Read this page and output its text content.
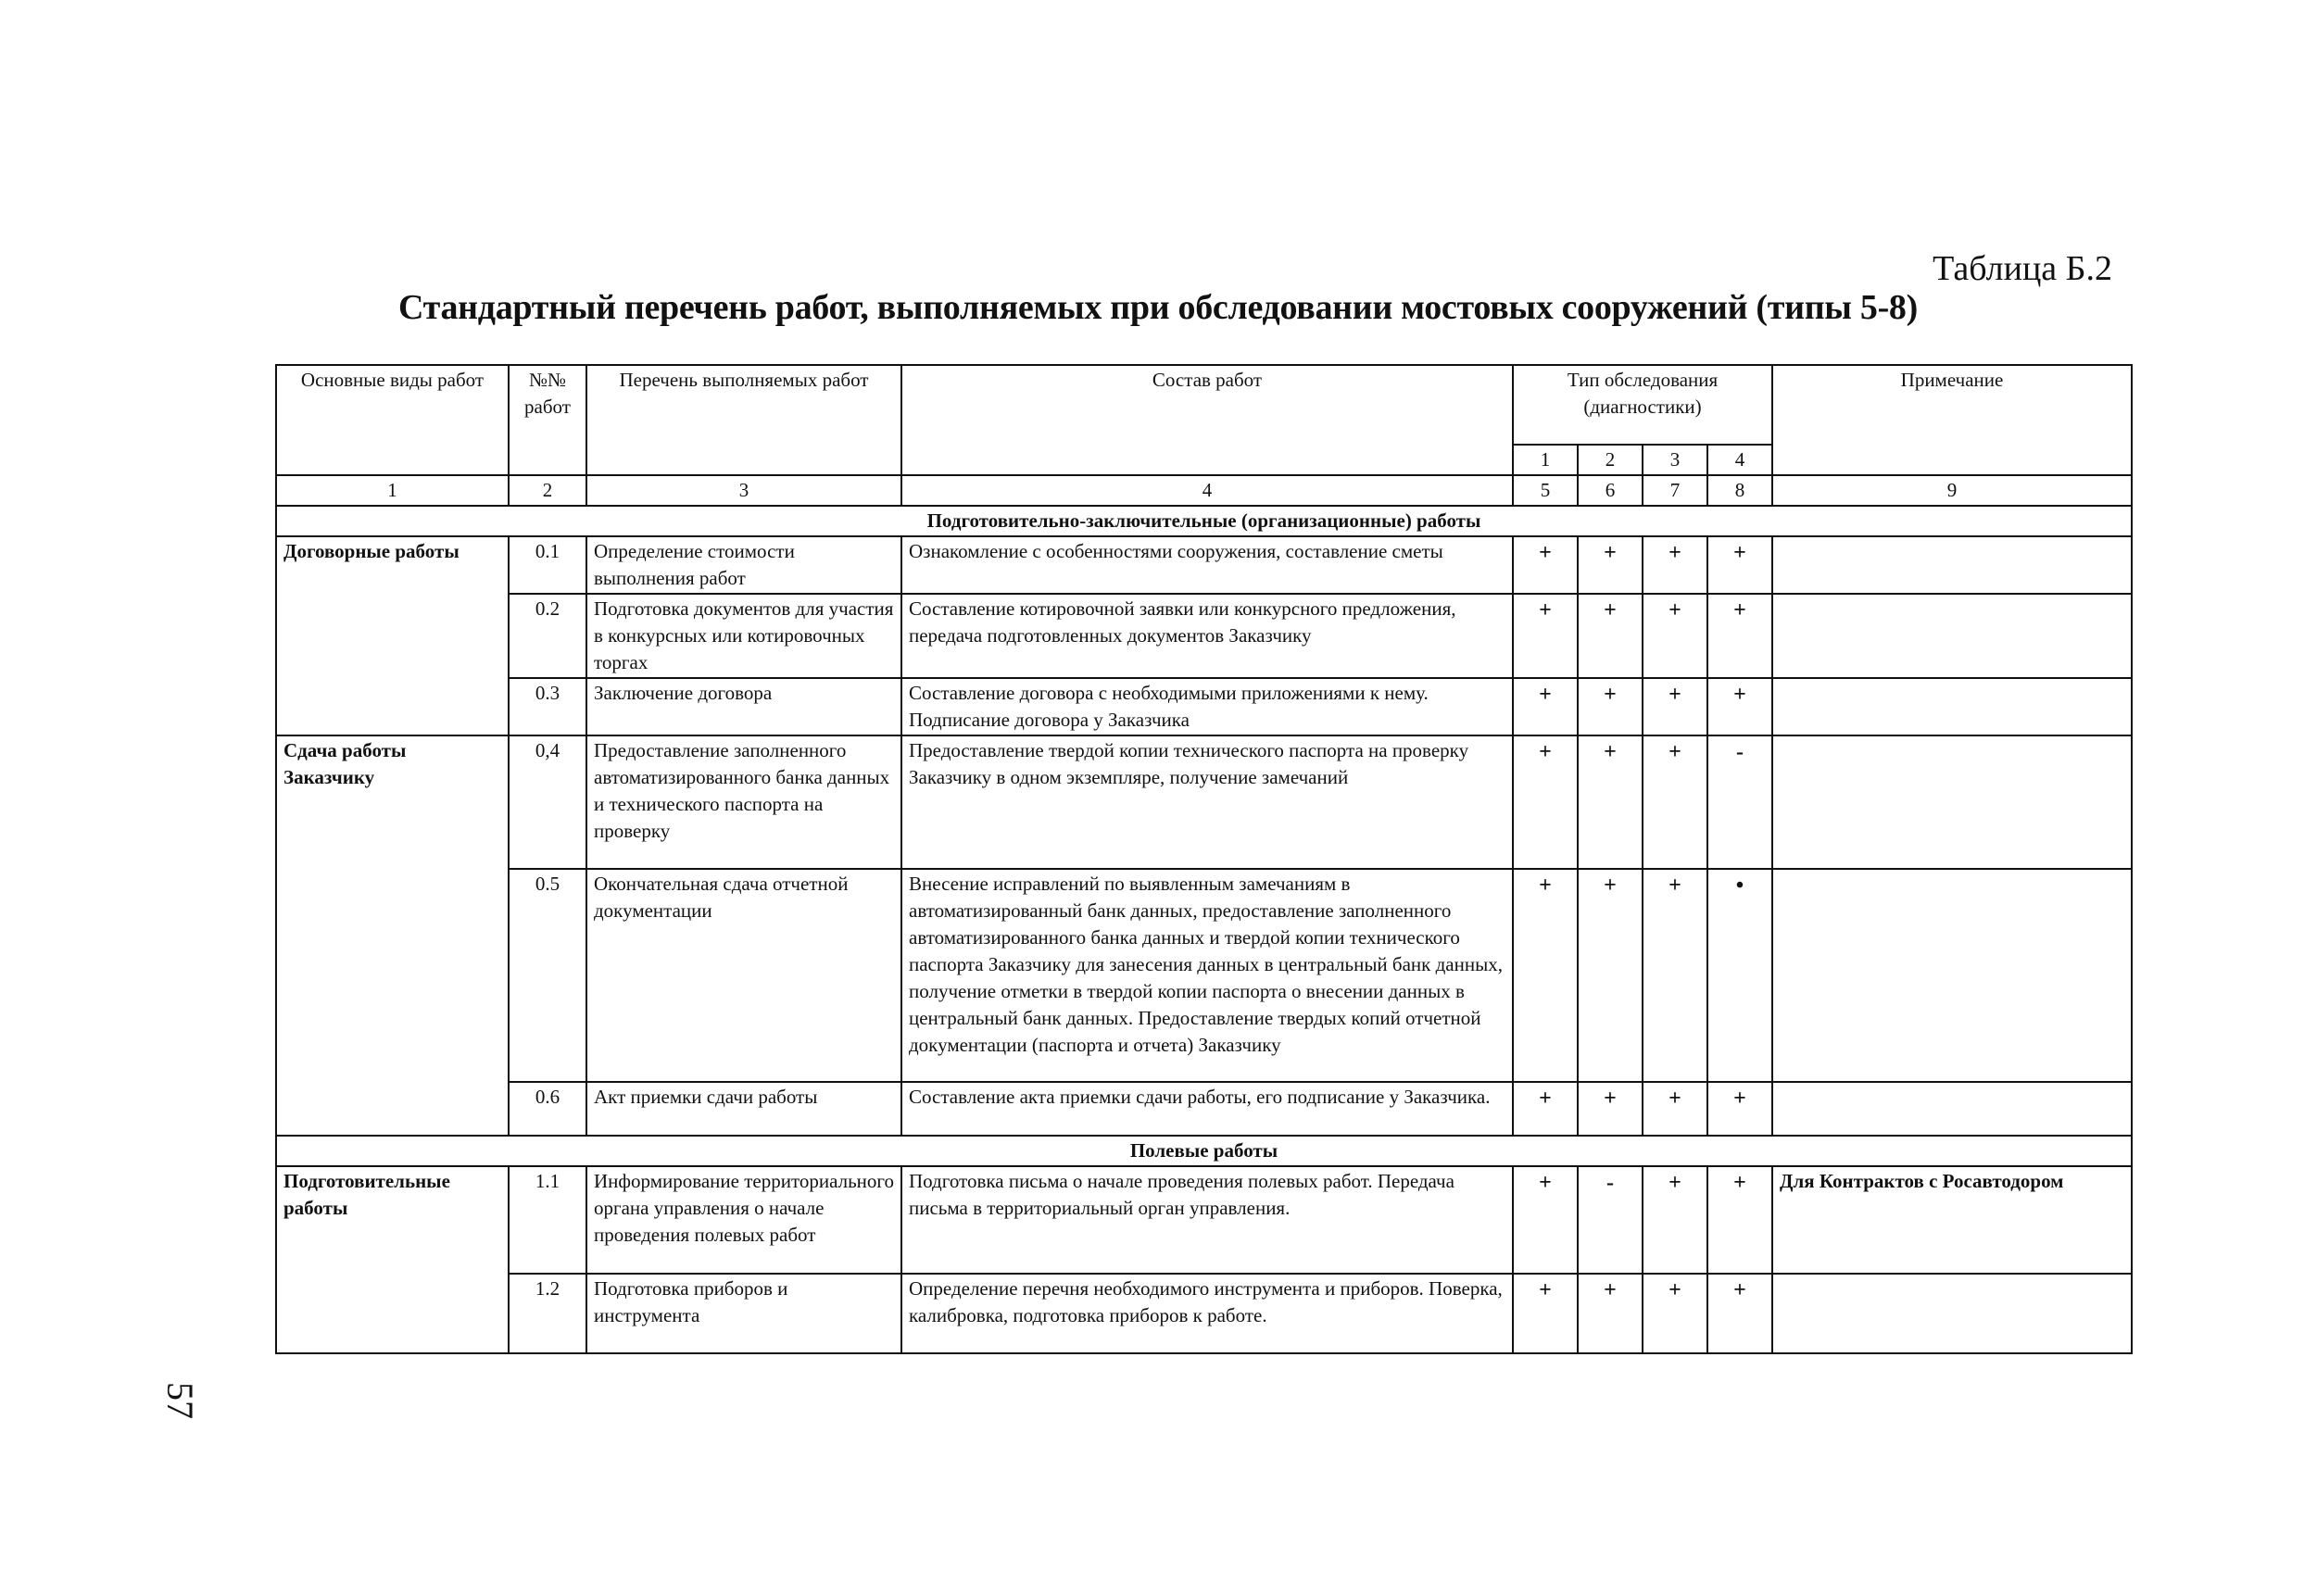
Таблица Б.2
Стандартный перечень работ, выполняемых при обследовании мостовых сооружений (типы 5-8)
Основные виды работ	№№ работ	Перечень выполняемых работ	Состав работ	Тип обследования (диагностики)				Примечание
				1	2	3	4	
1	2	3	4	5	6	7	8	9
Подготовительно-заключительные (организационные) работы								
Договорные работы	0.1	Определение стоимости выполнения работ	Ознакомление с особенностями сооружения, составление сметы	+	+	+	+	
	0.2	Подготовка документов для участия в конкурсных или котировочных торгах	Составление котировочной заявки или конкурсного предложения, передача подготовленных документов Заказчику	+	+	+	+	
	0.3	Заключение договора	Составление договора с необходимыми приложениями к нему. Подписание договора у Заказчика	+	+	+	+	
Сдача работы Заказчику	0,4	Предоставление заполненного автоматизированного банка данных и технического паспорта на проверку	Предоставление твердой копии технического паспорта на проверку Заказчику в одном экземпляре, получение замечаний	+	+	+	-	
	0.5	Окончательная сдача отчетной документации	Внесение исправлений по выявленным замечаниям в автоматизированный банк данных, предоставление заполненного автоматизированного банка данных и твердой копии технического паспорта Заказчику для занесения данных в центральный банк данных, получение отметки в твердой копии паспорта о внесении данных в центральный банк данных. Предоставление твердых копий отчетной документации (паспорта и отчета) Заказчику	+	+	+	•	
	0.6	Акт приемки сдачи работы	Составление акта приемки сдачи работы, его подписание у Заказчика.	+	+	+	+	
Полевые работы								
Подготовительные работы	1.1	Информирование территориального органа управления о начале проведения полевых работ	Подготовка письма о начале проведения полевых работ. Передача письма в территориальный орган управления.	+	-	+	+	Для Контрактов с Росавтодором
	1.2	Подготовка приборов и инструмента	Определение перечня необходимого инструмента и приборов. Поверка, калибровка, подготовка приборов к работе.	+	+	+	+	
57
